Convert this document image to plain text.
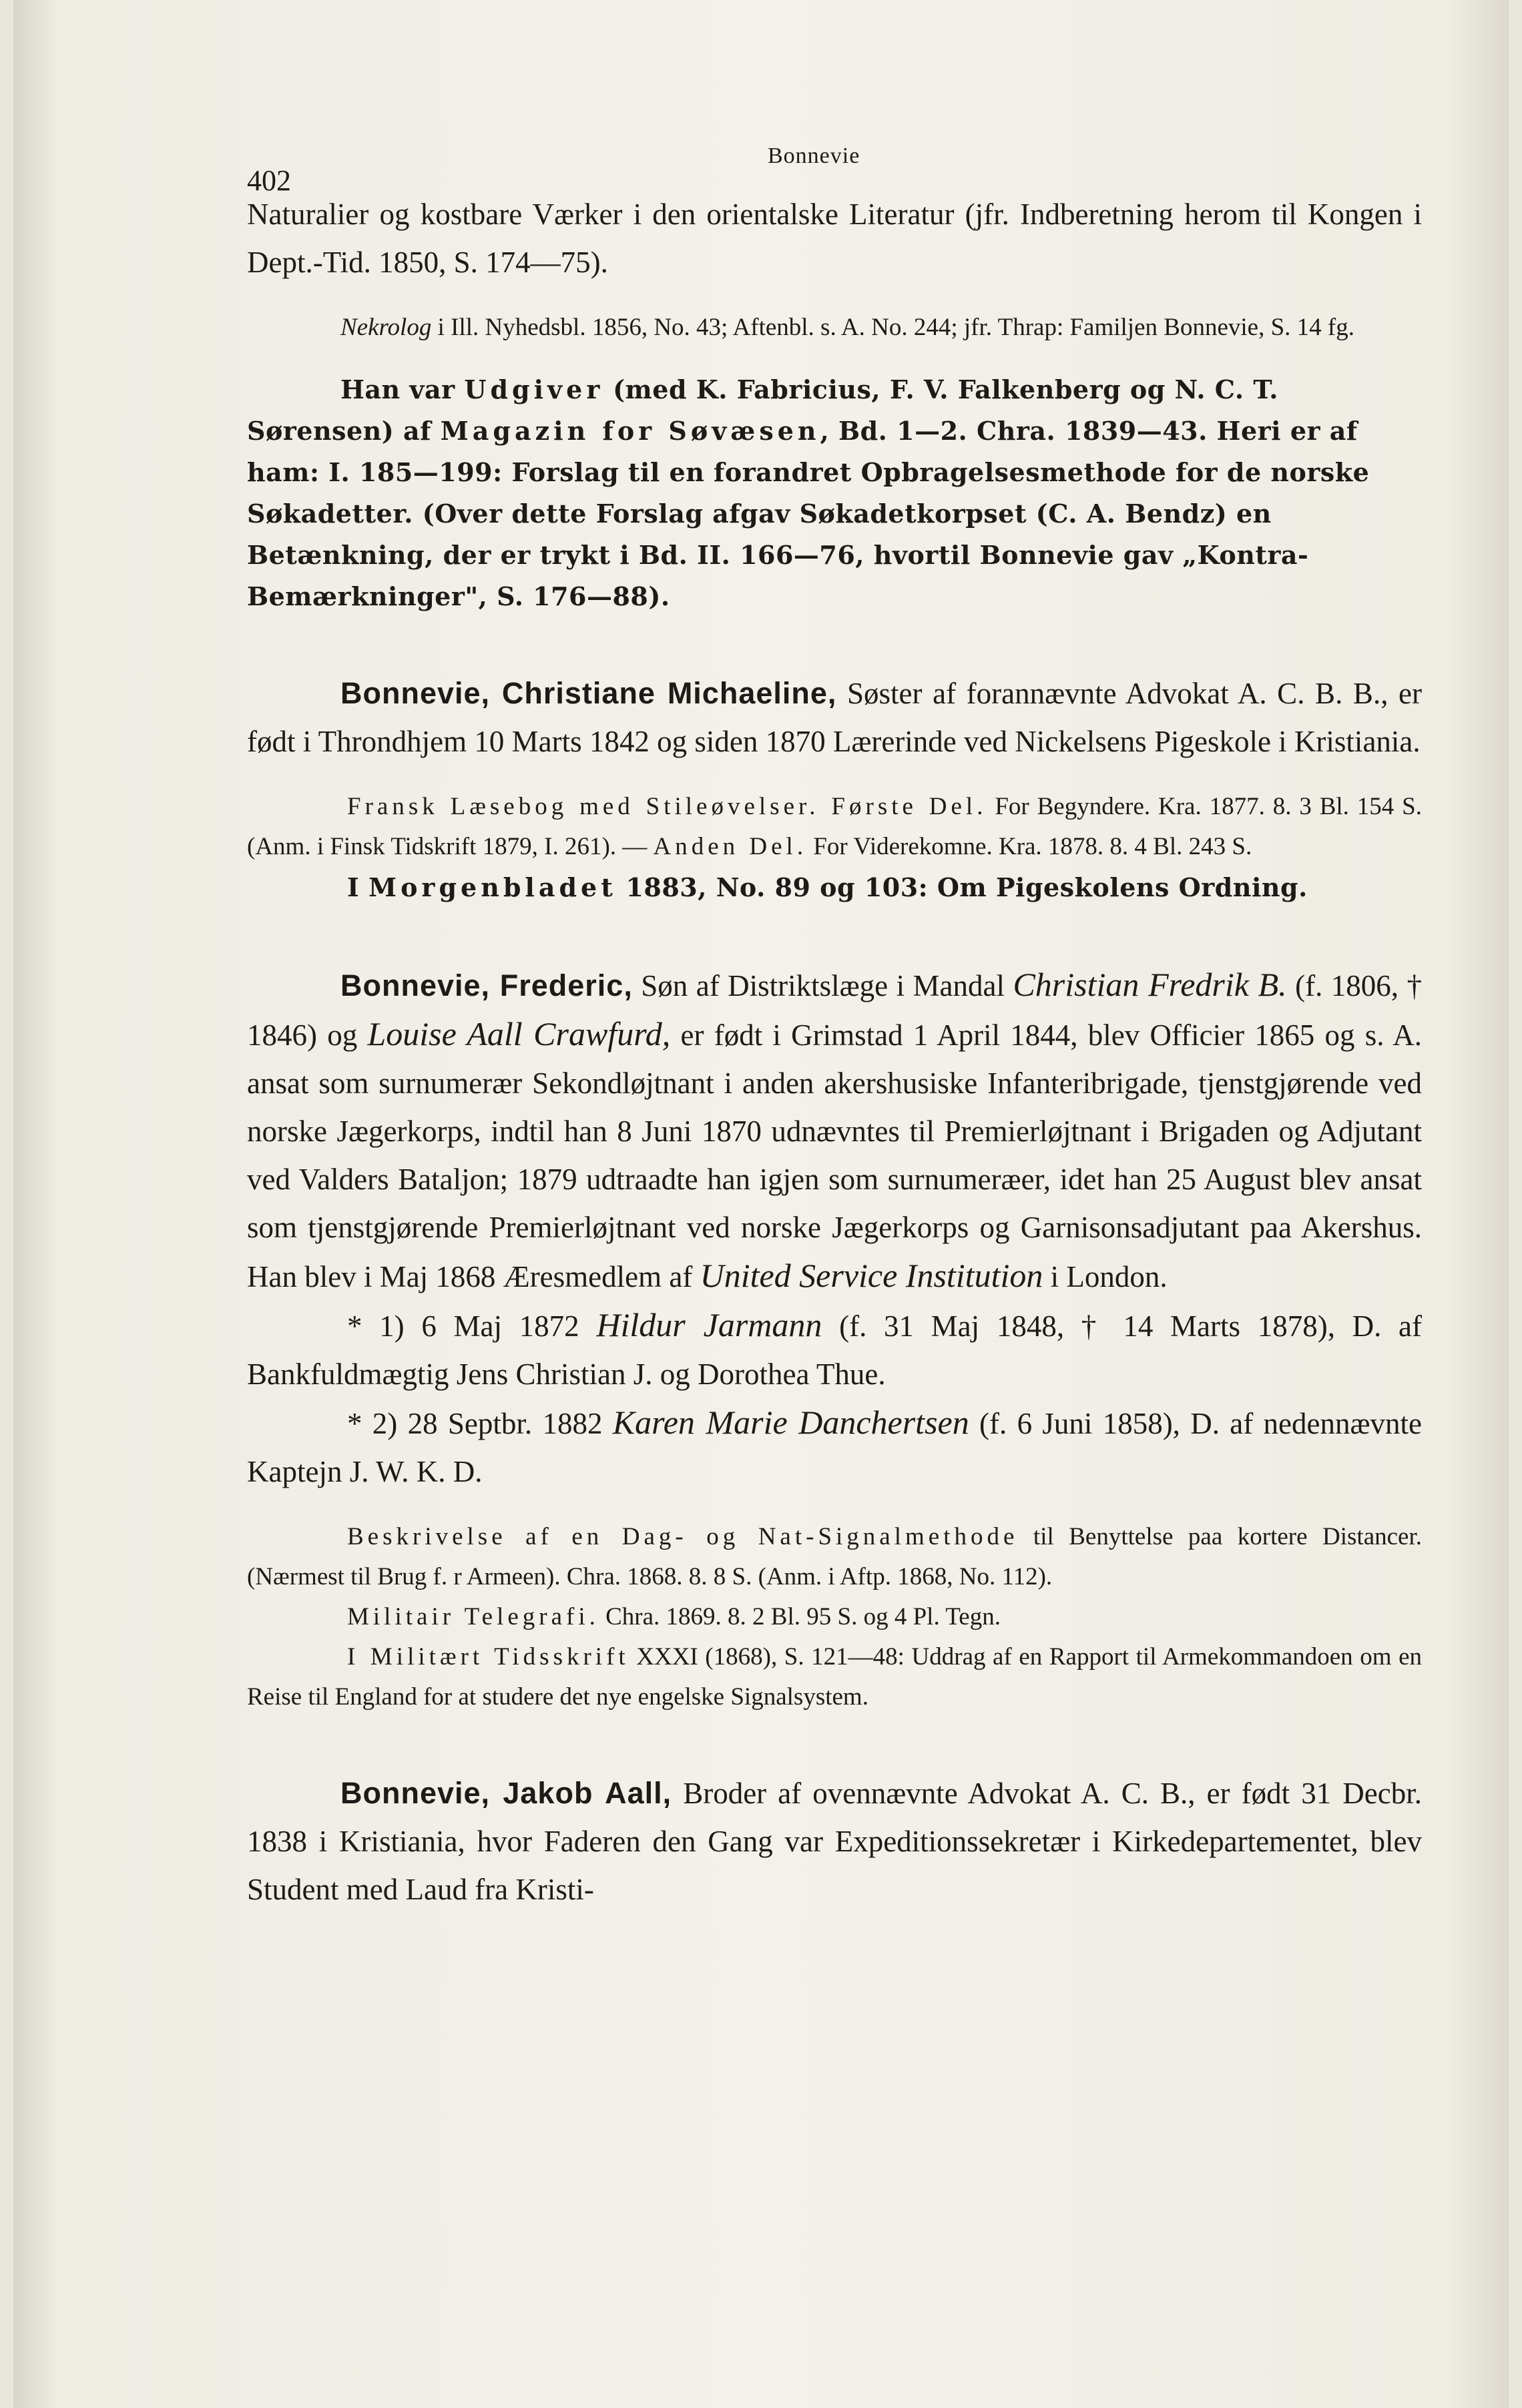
402
Bonnevie

Naturalier og kostbare Værker i den orientalske Literatur (jfr. Indberetning herom til Kongen i Dept.-Tid. 1850, S. 174—75).

Nekrolog i Ill. Nyhedsbl. 1856, No. 43; Aftenbl. s. A. No. 244; jfr. Thrap: Familjen Bonnevie, S. 14 fg.

Han var Udgiver (med K. Fabricius, F. V. Falkenberg og N. C. T. Sørensen) af Magazin for Søvæsen, Bd. 1—2. Chra. 1839—43. Heri er af ham: I. 185—199: Forslag til en forandret Opbragelsesmethode for de norske Søkadetter. (Over dette Forslag afgav Søkadetkorpset (C. A. Bendz) en Betænkning, der er trykt i Bd. II. 166—76, hvortil Bonnevie gav „Kontra-Bemærkninger", S. 176—88).

Bonnevie, Christiane Michaeline, Søster af forannævnte Advokat A. C. B. B., er født i Throndhjem 10 Marts 1842 og siden 1870 Lærerinde ved Nickelsens Pigeskole i Kristiania.

Fransk Læsebog med Stileøvelser. Første Del. For Begyndere. Kra. 1877. 8. 3 Bl. 154 S. (Anm. i Finsk Tidskrift 1879, I. 261). — Anden Del. For Viderekomne. Kra. 1878. 8. 4 Bl. 243 S.

I Morgenbladet 1883, No. 89 og 103: Om Pigeskolens Ordning.

Bonnevie, Frederic, Søn af Distriktslæge i Mandal Christian Fredrik B. (f. 1806, † 1846) og Louise Aall Crawfurd, er født i Grimstad 1 April 1844, blev Officier 1865 og s. A. ansat som surnumerær Sekondløjtnant i anden akershusiske Infanteribrigade, tjenstgjørende ved norske Jægerkorps, indtil han 8 Juni 1870 udnævntes til Premierløjtnant i Brigaden og Adjutant ved Valders Bataljon; 1879 udtraadte han igjen som surnumeræer, idet han 25 August blev ansat som tjenstgjørende Premierløjtnant ved norske Jægerkorps og Garnisonsadjutant paa Akershus. Han blev i Maj 1868 Æresmedlem af United Service Institution i London.

* 1) 6 Maj 1872 Hildur Jarmann (f. 31 Maj 1848, † 14 Marts 1878), D. af Bankfuldmægtig Jens Christian J. og Dorothea Thue.

* 2) 28 Septbr. 1882 Karen Marie Danchertsen (f. 6 Juni 1858), D. af nedennævnte Kaptejn J. W. K. D.

Beskrivelse af en Dag- og Nat-Signalmethode til Benyttelse paa kortere Distancer. (Nærmest til Brug f. r Armeen). Chra. 1868. 8. 8 S. (Anm. i Aftp. 1868, No. 112).

Militair Telegrafi. Chra. 1869. 8. 2 Bl. 95 S. og 4 Pl. Tegn.

I Militært Tidsskrift XXXI (1868), S. 121—48: Uddrag af en Rapport til Armekommandoen om en Reise til England for at studere det nye engelske Signalsystem.

Bonnevie, Jakob Aall, Broder af ovennævnte Advokat A. C. B., er født 31 Decbr. 1838 i Kristiania, hvor Faderen den Gang var Expeditionssekretær i Kirkedepartementet, blev Student med Laud fra Kristi-
